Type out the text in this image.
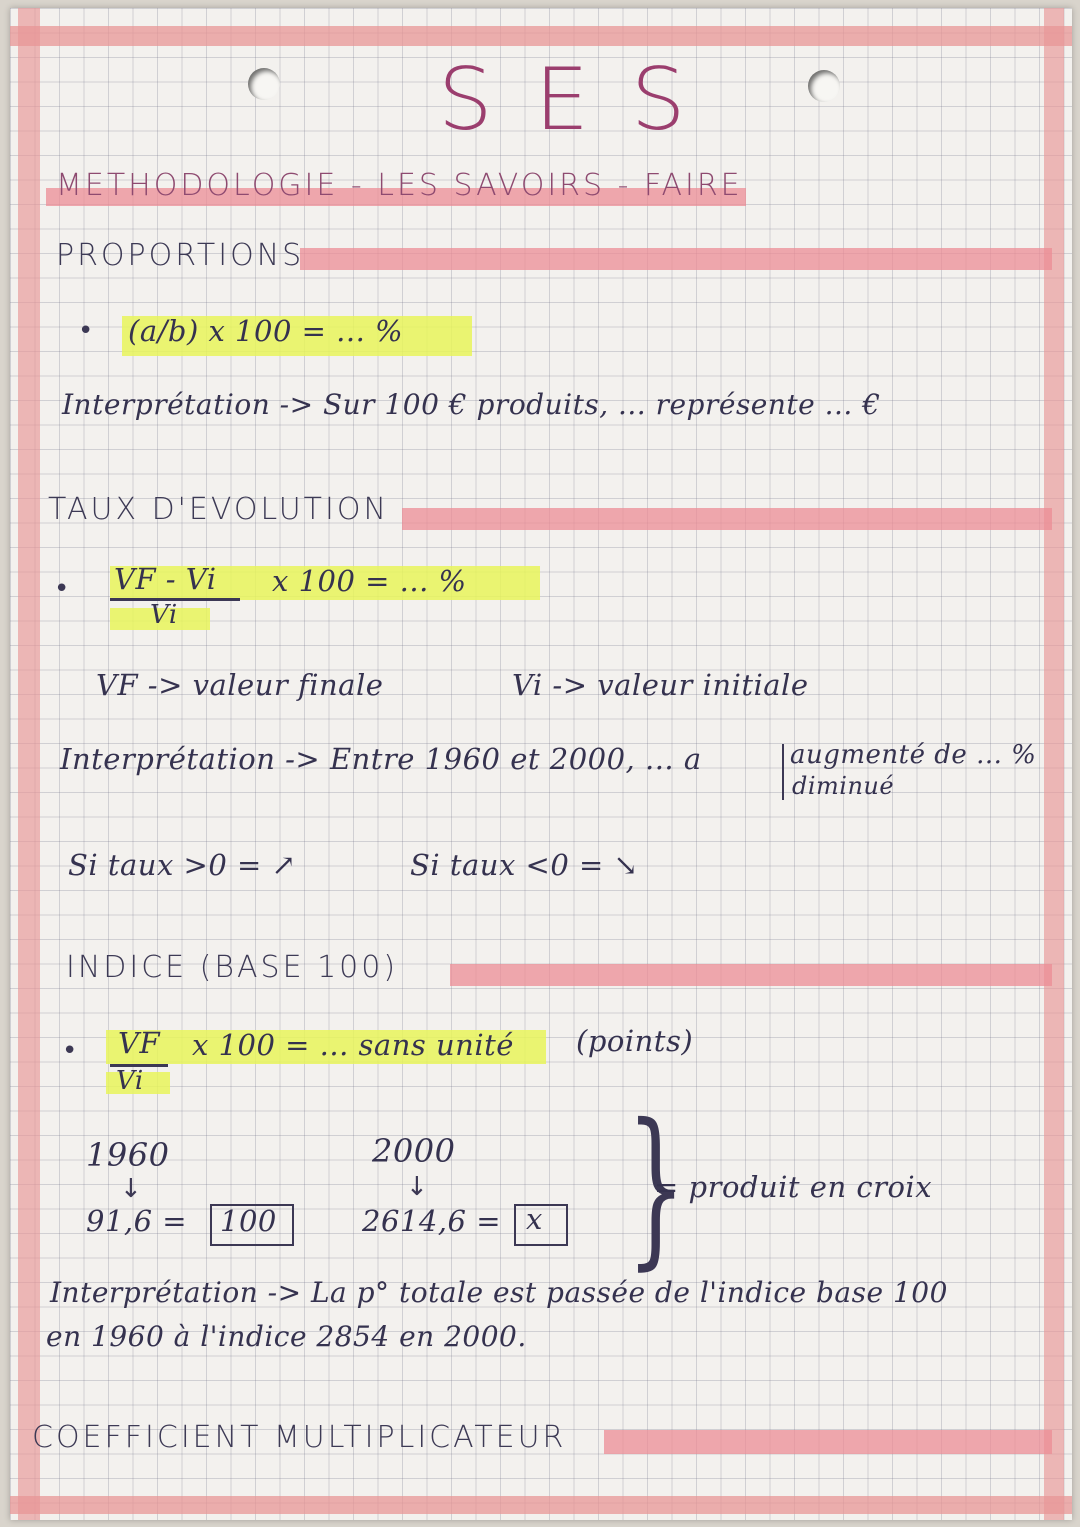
SES
METHODOLOGIE - LES SAVOIRS - FAIRE
PROPORTIONS
• (a/b) x 100 = ... %
Interprétation -> Sur 100 € produits, ... représente ... €
TAUX D'EVOLUTION
• VF - Vi
Vi
x 100 = ... %
VF -> valeur finale	Vi -> valeur initiale
Interprétation -> Entre 1960 et 2000, ... a	augmenté de ... %
diminué
Si taux >0 = ↗	Si taux <0 = ↘
INDICE (BASE 100)
• VF
Vi
x 100 = ... sans unité (points)
1960	2000
↓	↓
91,6 = 100	2614,6 = x }
= produit en croix
Interprétation -> La p° totale est passée de l'indice base 100
en 1960 à l'indice 2854 en 2000.
COEFFICIENT MULTIPLICATEUR
